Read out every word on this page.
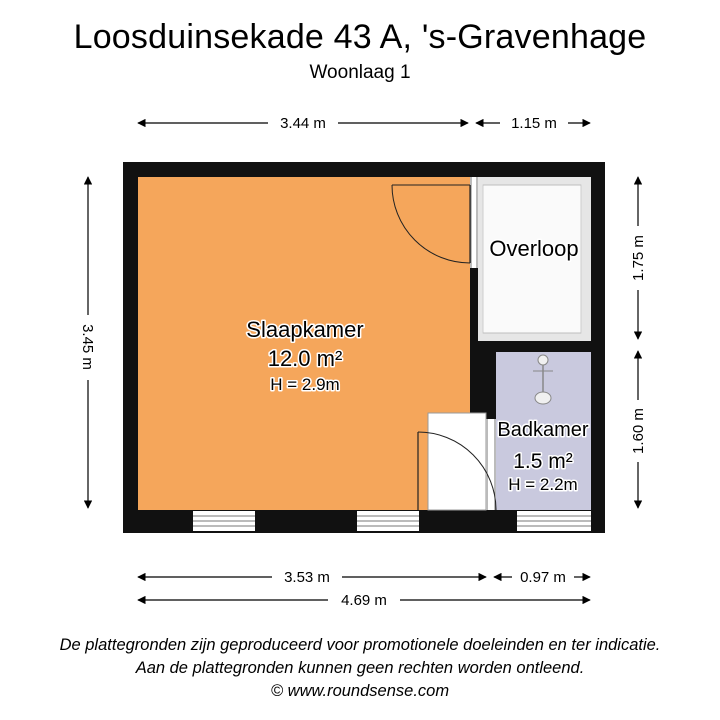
Loosduinsekade 43 A, 's-Gravenhage
Woonlaag 1
Slaapkamer
12.0 m²
H = 2.9m
Overloop
Badkamer
1.5 m²
H = 2.2m
3.44 m	1.15 m
3.45 m
1.75 m
1.60 m
3.53 m	0.97 m
4.69 m
De plattegronden zijn geproduceerd voor promotionele doeleinden en ter indicatie.
Aan de plattegronden kunnen geen rechten worden ontleend.
© www.roundsense.com
